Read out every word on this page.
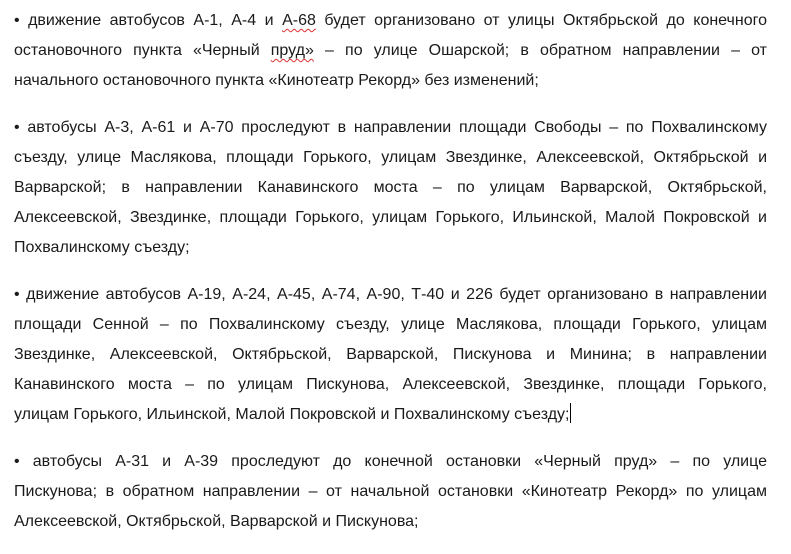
• движение автобусов А-1, А-4 и А-68 будет организовано от улицы Октябрьской до конечного
остановочного пункта «Черный пруд» – по улице Ошарской; в обратном направлении – от
начального остановочного пункта «Кинотеатр Рекорд» без изменений;
• автобусы А-3, А-61 и А-70 проследуют в направлении площади Свободы – по Похвалинскому
съезду, улице Маслякова, площади Горького, улицам Звездинке, Алексеевской, Октябрьской и
Варварской; в направлении Канавинского моста – по улицам Варварской, Октябрьской,
Алексеевской, Звездинке, площади Горького, улицам Горького, Ильинской, Малой Покровской и
Похвалинскому съезду;
• движение автобусов А-19, А-24, А-45, А-74, А-90, Т-40 и 226 будет организовано в направлении
площади Сенной – по Похвалинскому съезду, улице Маслякова, площади Горького, улицам
Звездинке, Алексеевской, Октябрьской, Варварской, Пискунова и Минина; в направлении
Канавинского моста – по улицам Пискунова, Алексеевской, Звездинке, площади Горького,
улицам Горького, Ильинской, Малой Покровской и Похвалинскому съезду;
• автобусы А-31 и А-39 проследуют до конечной остановки «Черный пруд» – по улице
Пискунова; в обратном направлении – от начальной остановки «Кинотеатр Рекорд» по улицам
Алексеевской, Октябрьской, Варварской и Пискунова;
